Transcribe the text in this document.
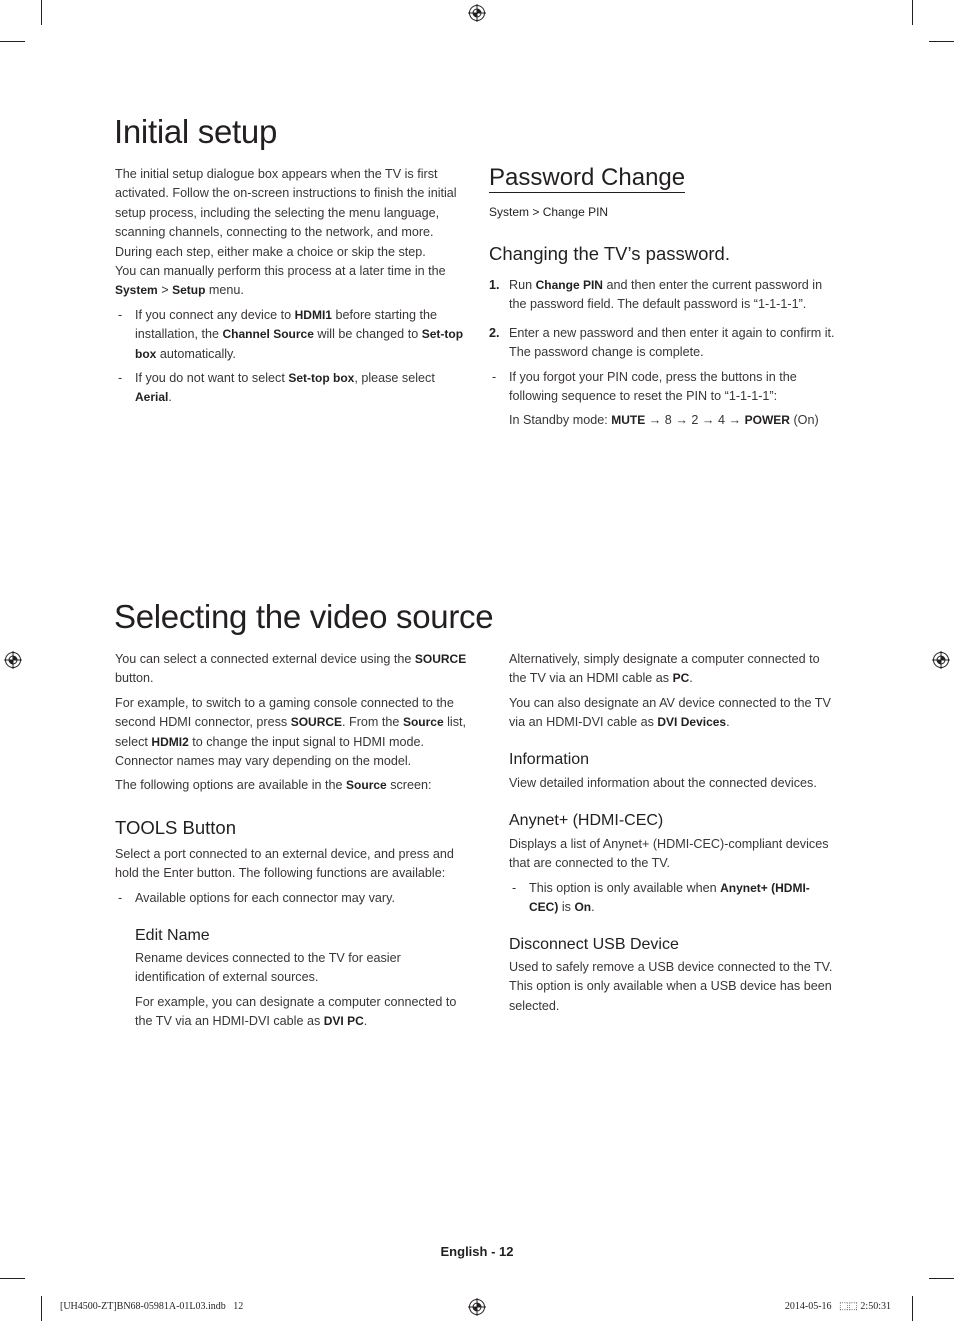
Initial setup
The initial setup dialogue box appears when the TV is first activated. Follow the on-screen instructions to finish the initial setup process, including the selecting the menu language, scanning channels, connecting to the network, and more. During each step, either make a choice or skip the step.
You can manually perform this process at a later time in the System > Setup menu.
- If you connect any device to HDMI1 before starting the installation, the Channel Source will be changed to Set-top box automatically.
- If you do not want to select Set-top box, please select Aerial.
Password Change
System > Change PIN
Changing the TV’s password.
1. Run Change PIN and then enter the current password in the password field. The default password is “1-1-1-1”.
2. Enter a new password and then enter it again to confirm it. The password change is complete.
- If you forgot your PIN code, press the buttons in the following sequence to reset the PIN to “1-1-1-1”:
In Standby mode: MUTE → 8 → 2 → 4 → POWER (On)
Selecting the video source
You can select a connected external device using the SOURCE button.
For example, to switch to a gaming console connected to the second HDMI connector, press SOURCE. From the Source list, select HDMI2 to change the input signal to HDMI mode. Connector names may vary depending on the model.
The following options are available in the Source screen:
TOOLS Button
Select a port connected to an external device, and press and hold the Enter button. The following functions are available:
- Available options for each connector may vary.
Edit Name
Rename devices connected to the TV for easier identification of external sources.
For example, you can designate a computer connected to the TV via an HDMI-DVI cable as DVI PC.
Alternatively, simply designate a computer connected to the TV via an HDMI cable as PC.
You can also designate an AV device connected to the TV via an HDMI-DVI cable as DVI Devices.
Information
View detailed information about the connected devices.
Anynet+ (HDMI-CEC)
Displays a list of Anynet+ (HDMI-CEC)-compliant devices that are connected to the TV.
- This option is only available when Anynet+ (HDMI-CEC) is On.
Disconnect USB Device
Used to safely remove a USB device connected to the TV. This option is only available when a USB device has been selected.
English - 12
[UH4500-ZT]BN68-05981A-01L03.indb   12	2014-05-16   ⬚⬚ 2:50:31
